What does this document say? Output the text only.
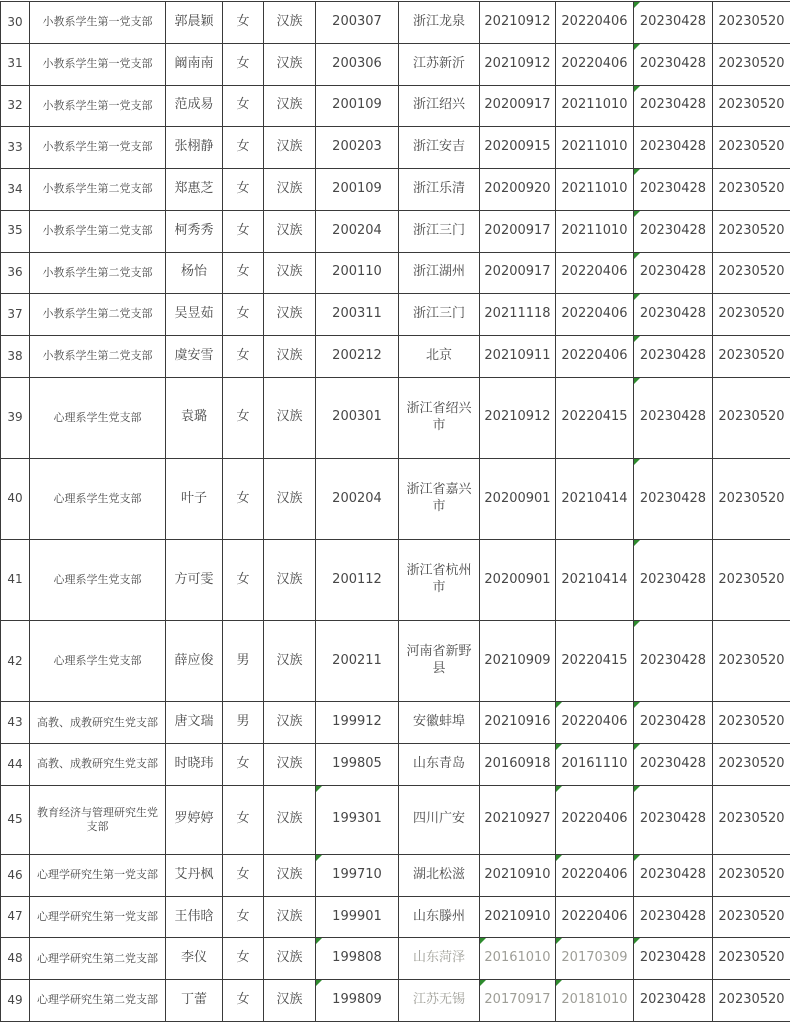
30	小教系学生第一党支部	郭晨颖	女	汉族	200307	浙江龙泉	20210912	20220406	20230428	20230520
31	小教系学生第一党支部	阚南南	女	汉族	200306	江苏新沂	20210912	20220406	20230428	20230520
32	小教系学生第一党支部	范成易	女	汉族	200109	浙江绍兴	20200917	20211010	20230428	20230520
33	小教系学生第一党支部	张栩静	女	汉族	200203	浙江安吉	20200915	20211010	20230428	20230520
34	小教系学生第二党支部	郑惠芝	女	汉族	200109	浙江乐清	20200920	20211010	20230428	20230520
35	小教系学生第二党支部	柯秀秀	女	汉族	200204	浙江三门	20200917	20211010	20230428	20230520
36	小教系学生第二党支部	杨怡	女	汉族	200110	浙江湖州	20200917	20220406	20230428	20230520
37	小教系学生第二党支部	吴昱茹	女	汉族	200311	浙江三门	20211118	20220406	20230428	20230520
38	小教系学生第二党支部	虞安雪	女	汉族	200212	北京	20210911	20220406	20230428	20230520
39	心理系学生党支部	袁璐	女	汉族	200301	浙江省绍兴市	20210912	20220415	20230428	20230520
40	心理系学生党支部	叶子	女	汉族	200204	浙江省嘉兴市	20200901	20210414	20230428	20230520
41	心理系学生党支部	方可雯	女	汉族	200112	浙江省杭州市	20200901	20210414	20230428	20230520
42	心理系学生党支部	薛应俊	男	汉族	200211	河南省新野县	20210909	20220415	20230428	20230520
43	高教、成教研究生党支部	唐文瑞	男	汉族	199912	安徽蚌埠	20210916	20220406	20230428	20230520
44	高教、成教研究生党支部	时晓玮	女	汉族	199805	山东青岛	20160918	20161110	20230428	20230520
45	教育经济与管理研究生党支部	罗婷婷	女	汉族	199301	四川广安	20210927	20220406	20230428	20230520
46	心理学研究生第一党支部	艾丹枫	女	汉族	199710	湖北松滋	20210910	20220406	20230428	20230520
47	心理学研究生第一党支部	王伟晗	女	汉族	199901	山东滕州	20210910	20220406	20230428	20230520
48	心理学研究生第二党支部	李仪	女	汉族	199808	山东菏泽	20161010	20170309	20230428	20230520
49	心理学研究生第二党支部	丁蕾	女	汉族	199809	江苏无锡	20170917	20181010	20230428	20230520
